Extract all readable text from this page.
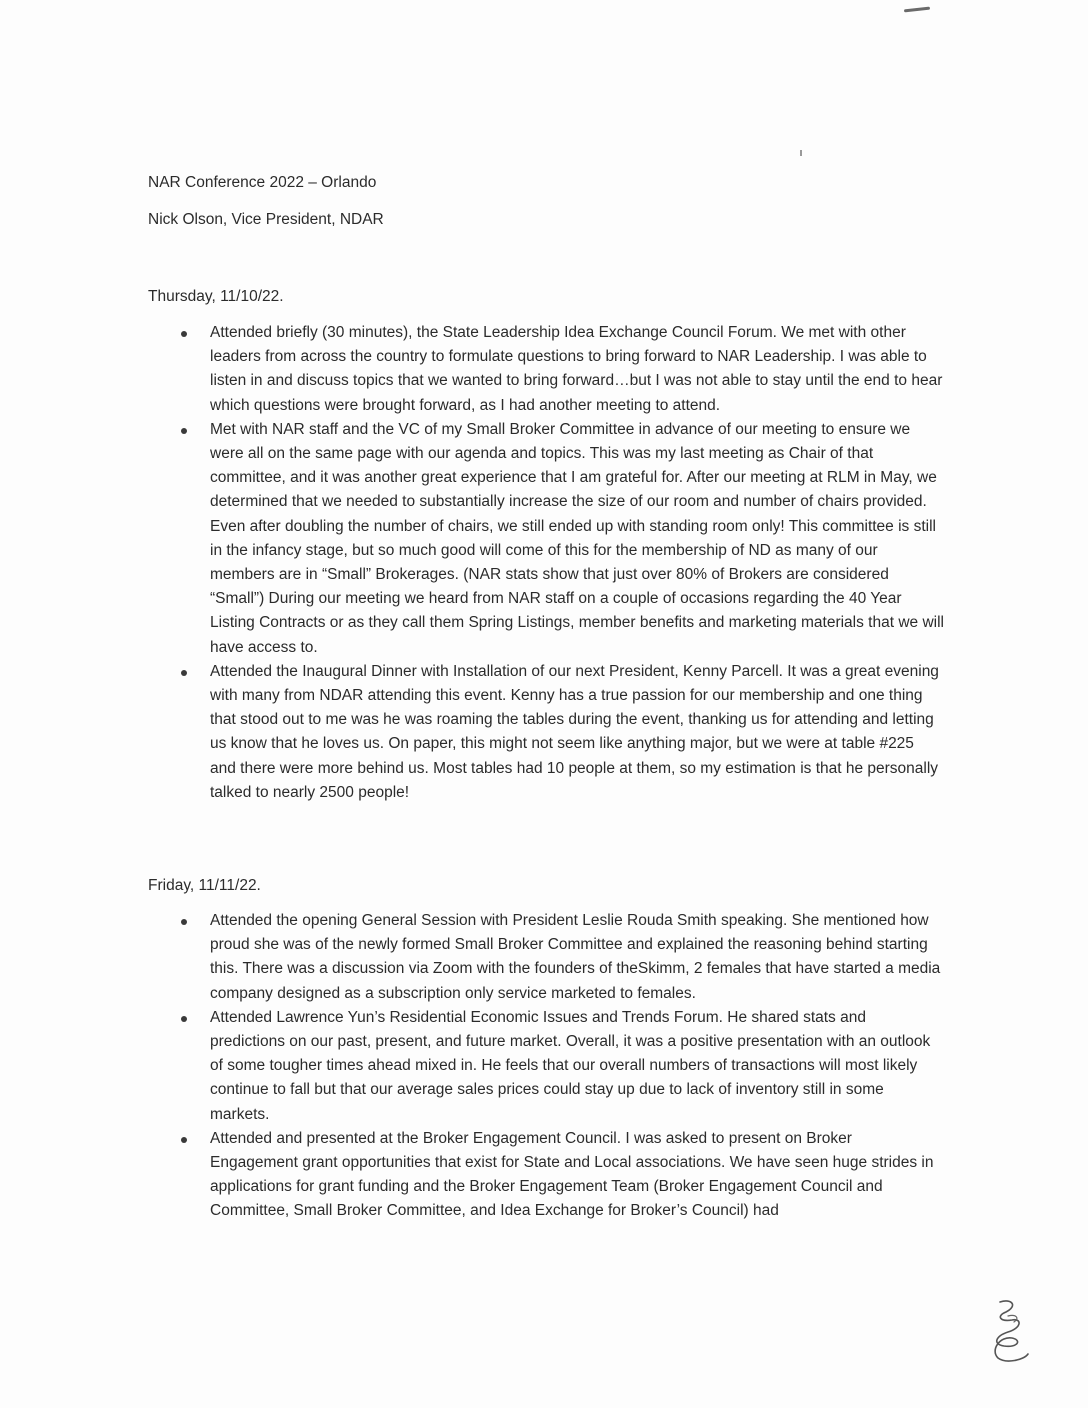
NAR Conference 2022 – Orlando
Nick Olson, Vice President, NDAR
Thursday, 11/10/22.
Attended briefly (30 minutes), the State Leadership Idea Exchange Council Forum. We met with other leaders from across the country to formulate questions to bring forward to NAR Leadership. I was able to listen in and discuss topics that we wanted to bring forward…but I was not able to stay until the end to hear which questions were brought forward, as I had another meeting to attend.
Met with NAR staff and the VC of my Small Broker Committee in advance of our meeting to ensure we were all on the same page with our agenda and topics. This was my last meeting as Chair of that committee, and it was another great experience that I am grateful for. After our meeting at RLM in May, we determined that we needed to substantially increase the size of our room and number of chairs provided. Even after doubling the number of chairs, we still ended up with standing room only! This committee is still in the infancy stage, but so much good will come of this for the membership of ND as many of our members are in “Small” Brokerages. (NAR stats show that just over 80% of Brokers are considered “Small”) During our meeting we heard from NAR staff on a couple of occasions regarding the 40 Year Listing Contracts or as they call them Spring Listings, member benefits and marketing materials that we will have access to.
Attended the Inaugural Dinner with Installation of our next President, Kenny Parcell. It was a great evening with many from NDAR attending this event. Kenny has a true passion for our membership and one thing that stood out to me was he was roaming the tables during the event, thanking us for attending and letting us know that he loves us. On paper, this might not seem like anything major, but we were at table #225 and there were more behind us. Most tables had 10 people at them, so my estimation is that he personally talked to nearly 2500 people!
Friday, 11/11/22.
Attended the opening General Session with President Leslie Rouda Smith speaking. She mentioned how proud she was of the newly formed Small Broker Committee and explained the reasoning behind starting this. There was a discussion via Zoom with the founders of theSkimm, 2 females that have started a media company designed as a subscription only service marketed to females.
Attended Lawrence Yun’s Residential Economic Issues and Trends Forum. He shared stats and predictions on our past, present, and future market. Overall, it was a positive presentation with an outlook of some tougher times ahead mixed in. He feels that our overall numbers of transactions will most likely continue to fall but that our average sales prices could stay up due to lack of inventory still in some markets.
Attended and presented at the Broker Engagement Council. I was asked to present on Broker Engagement grant opportunities that exist for State and Local associations. We have seen huge strides in applications for grant funding and the Broker Engagement Team (Broker Engagement Council and Committee, Small Broker Committee, and Idea Exchange for Broker’s Council) had
